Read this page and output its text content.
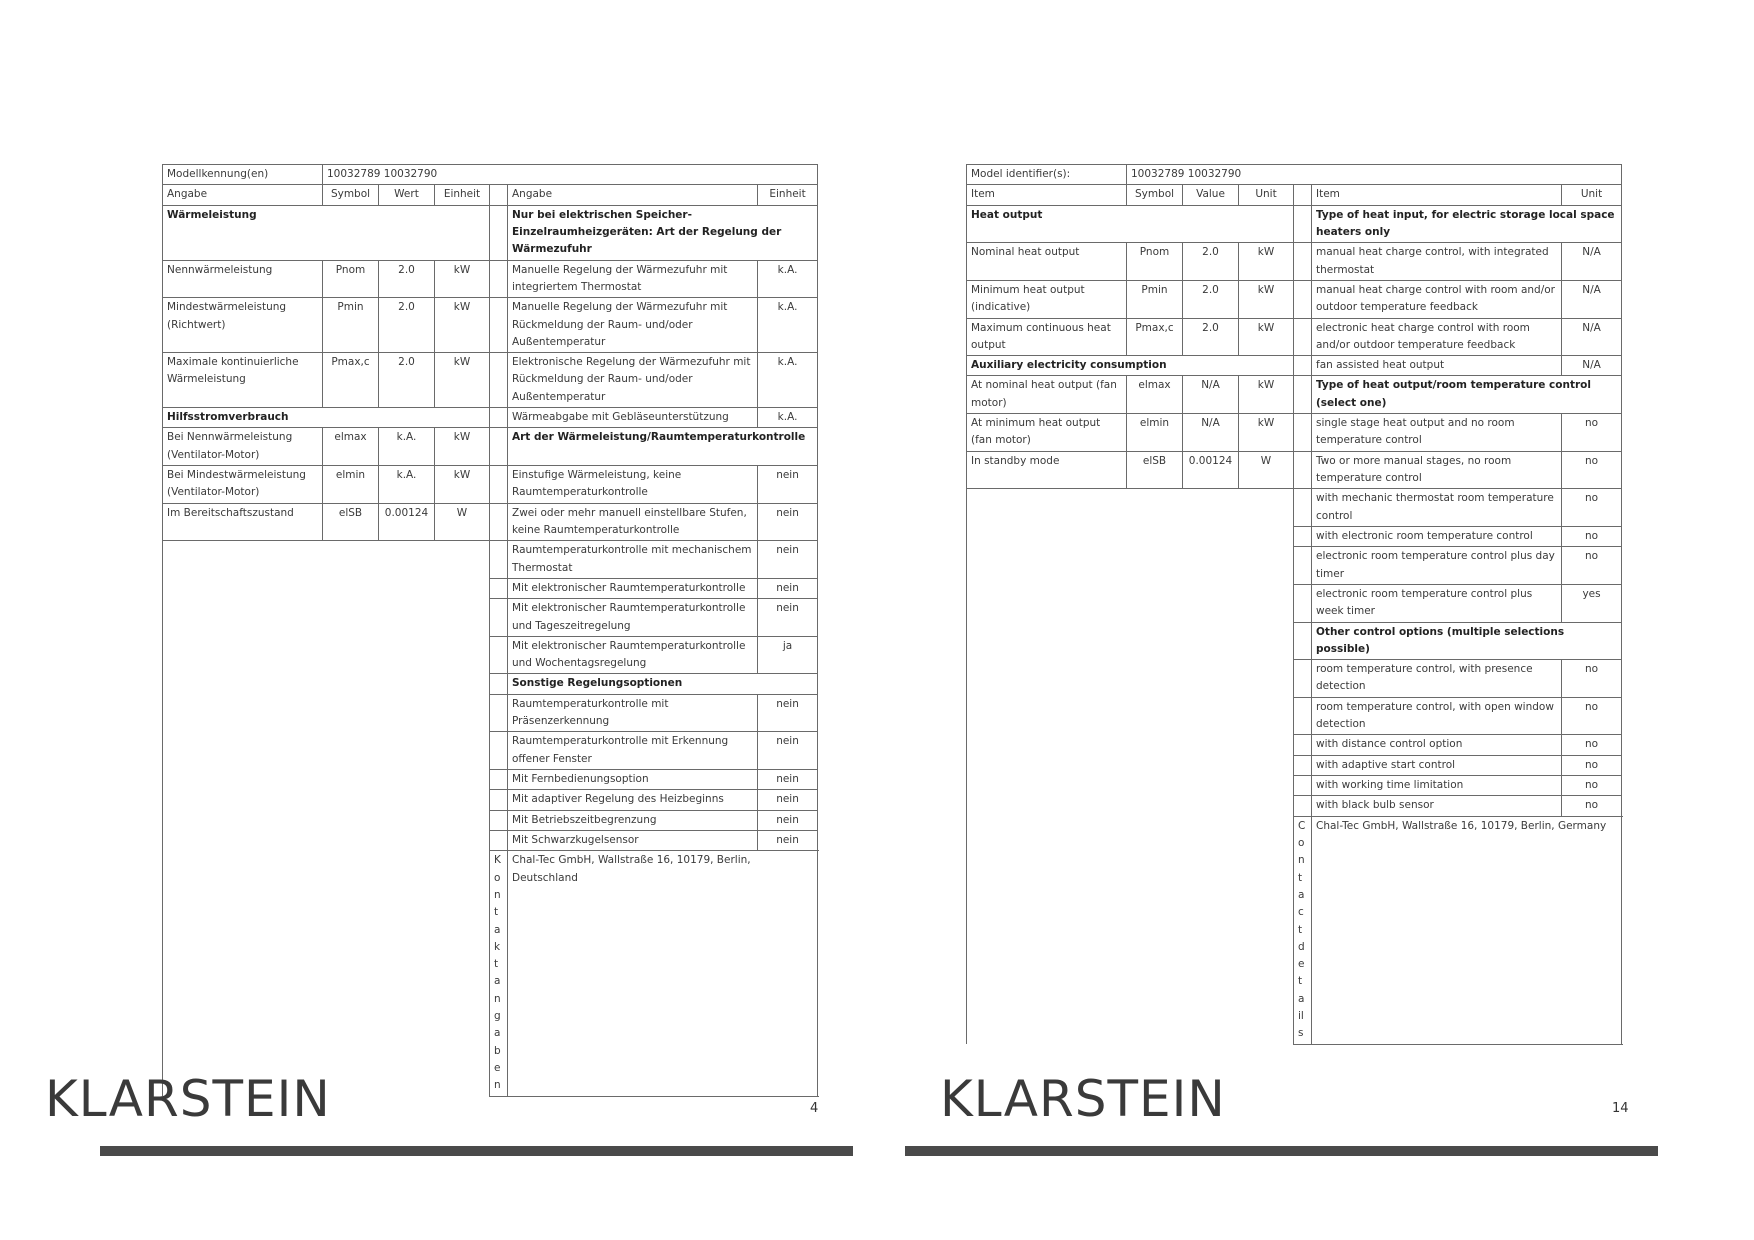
Modellkennung(en)	10032789 10032790						
Angabe	Symbol	Wert	Einheit		Angabe	Einheit	
Wärmeleistung					Nur bei elektrischen Speicher-Einzelraumheizgeräten: Art der Regelung der Wärmezufuhr		
Nennwärmeleistung	Pnom	2.0	kW		Manuelle Regelung der Wärmezufuhr mit integriertem Thermostat	k.A.	
Mindestwärmeleistung (Richtwert)	Pmin	2.0	kW		Manuelle Regelung der Wärmezufuhr mit Rückmeldung der Raum- und/oder Außentemperatur	k.A.	
Maximale kontinuierliche Wärmeleistung	Pmax,c	2.0	kW		Elektronische Regelung der Wärmezufuhr mit Rückmeldung der Raum- und/oder Außentemperatur	k.A.	
Hilfsstromverbrauch					Wärmeabgabe mit Gebläseunterstützung	k.A.	
Bei Nennwärmeleistung (Ventilator-Motor)	elmax	k.A.	kW		Art der Wärmeleistung/Raumtemperaturkontrolle		
Bei Mindestwärmeleistung (Ventilator-Motor)	elmin	k.A.	kW		Einstufige Wärmeleistung, keine Raumtemperaturkontrolle	nein	
Im Bereitschaftszustand	elSB	0.00124	W		Zwei oder mehr manuell einstellbare Stufen, keine Raumtemperaturkontrolle	nein	
					Raumtemperaturkontrolle mit mechanischem Thermostat	nein	
					Mit elektronischer Raumtemperaturkontrolle	nein	
					Mit elektronischer Raumtemperaturkontrolle und Tageszeitregelung	nein	
					Mit elektronischer Raumtemperaturkontrolle und Wochentagsregelung	ja	
					Sonstige Regelungsoptionen		
					Raumtemperaturkontrolle mit Präsenzerkennung	nein	
					Raumtemperaturkontrolle mit Erkennung offener Fenster	nein	
					Mit Fernbedienungsoption	nein	
					Mit adaptiver Regelung des Heizbeginns	nein	
					Mit Betriebszeitbegrenzung	nein	
					Mit Schwarzkugelsensor	nein	
				Kontaktangaben	Chal-Tec GmbH, Wallstraße 16, 10179, Berlin, Deutschland		
KLARSTEIN	4
Model identifier(s):	10032789 10032790						
Item	Symbol	Value	Unit		Item	Unit	
Heat output					Type of heat input, for electric storage local space heaters only		
Nominal heat output	Pnom	2.0	kW		manual heat charge control, with integrated thermostat	N/A	
Minimum heat output (indicative)	Pmin	2.0	kW		manual heat charge control with room and/or outdoor temperature feedback	N/A	
Maximum continuous heat output	Pmax,c	2.0	kW		electronic heat charge control with room and/or outdoor temperature feedback	N/A	
Auxiliary electricity consumption					fan assisted heat output	N/A	
At nominal heat output (fan motor)	elmax	N/A	kW		Type of heat output/room temperature control (select one)		
At minimum heat output (fan motor)	elmin	N/A	kW		single stage heat output and no room temperature control	no	
In standby mode	elSB	0.00124	W		Two or more manual stages, no room temperature control	no	
					with mechanic thermostat room temperature control	no	
					with electronic room temperature control	no	
					electronic room temperature control plus day timer	no	
					electronic room temperature control plus week timer	yes	
					Other control options (multiple selections possible)		
					room temperature control, with presence detection	no	
					room temperature control, with open window detection	no	
					with distance control option	no	
					with adaptive start control	no	
					with working time limitation	no	
					with black bulb sensor	no	
				Contact details	Chal-Tec GmbH, Wallstraße 16, 10179, Berlin, Germany		
KLARSTEIN	14
